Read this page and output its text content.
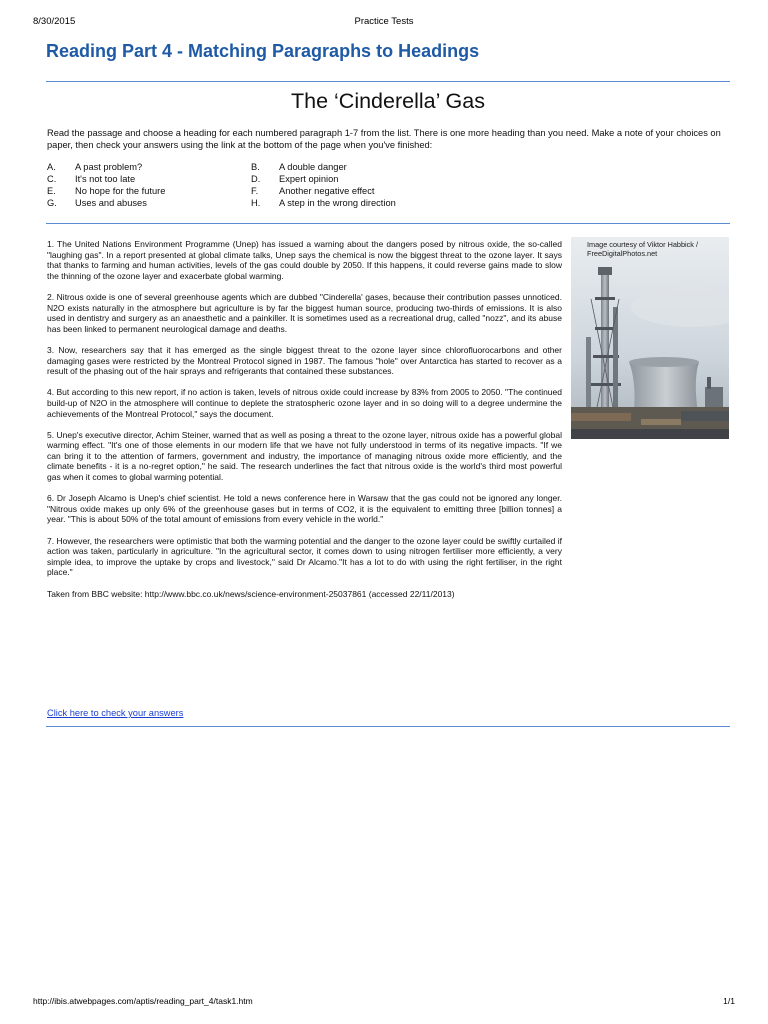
8/30/2015	Practice Tests
Reading Part 4 - Matching Paragraphs to Headings
The ‘Cinderella’ Gas
Read the passage and choose a heading for each numbered paragraph 1-7 from the list. There is one more heading than you need. Make a note of your choices on paper, then check your answers using the link at the bottom of the page when you've finished:
A. A past problem?	B. A double danger
C. It's not too late	D. Expert opinion
E. No hope for the future	F. Another negative effect
G. Uses and abuses	H. A step in the wrong direction

1. The United Nations Environment Programme (Unep) has issued a warning about the dangers posed by nitrous oxide, the so-called "laughing gas". In a report presented at global climate talks, Unep says the chemical is now the biggest threat to the ozone layer. It says that thanks to farming and human activities, levels of the gas could double by 2050. If this happens, it could reverse gains made to slow the thinning of the ozone layer and exacerbate global warming.

2. Nitrous oxide is one of several greenhouse agents which are dubbed "Cinderella' gases, because their contribution passes unnoticed. N2O exists naturally in the atmosphere but agriculture is by far the biggest human source, producing two-thirds of emissions. It is also used in dentistry and surgery as an anaesthetic and a painkiller. It is sometimes used as a recreational drug, called "nozz", and its abuse has been linked to permanent neurological damage and deaths.

3. Now, researchers say that it has emerged as the single biggest threat to the ozone layer since chlorofluorocarbons and other damaging gases were restricted by the Montreal Protocol signed in 1987. The famous "hole" over Antarctica has started to recover as a result of the phasing out of the hair sprays and refrigerants that contained these substances.

4. But according to this new report, if no action is taken, levels of nitrous oxide could increase by 83% from 2005 to 2050. "The continued build-up of N2O in the atmosphere will continue to deplete the stratospheric ozone layer and in so doing will to a degree undermine the achievements of the Montreal Protocol," says the document.

5. Unep's executive director, Achim Steiner, warned that as well as posing a threat to the ozone layer, nitrous oxide has a powerful global warming effect. "It's one of those elements in our modern life that we have not fully understood in terms of its negative impacts. "If we can bring it to the attention of farmers, government and industry, the importance of managing nitrous oxide more efficiently, and the climate benefits - it is a no-regret option," he said. The research underlines the fact that nitrous oxide is the world's third most powerful gas when it comes to global warming potential.

6. Dr Joseph Alcamo is Unep's chief scientist. He told a news conference here in Warsaw that the gas could not be ignored any longer. "Nitrous oxide makes up only 6% of the greenhouse gases but in terms of CO2, it is the equivalent to emitting three [billion tonnes] a year. "This is about 50% of the total amount of emissions from every vehicle in the world."

7. However, the researchers were optimistic that both the warming potential and the danger to the ozone layer could be swiftly curtailed if action was taken, particularly in agriculture. "In the agricultural sector, it comes down to using nitrogen fertiliser more efficiently, a very simple idea, to improve the uptake by crops and livestock," said Dr Alcamo."It has a lot to do with using the right fertiliser, in the right place."

Taken from BBC website: http://www.bbc.co.uk/news/science-environment-25037861 (accessed 22/11/2013)

Image courtesy of Viktor Habbick / FreeDigitalPhotos.net
Click here to check your answers
http://ibis.atwebpages.com/aptis/reading_part_4/task1.htm	1/1
